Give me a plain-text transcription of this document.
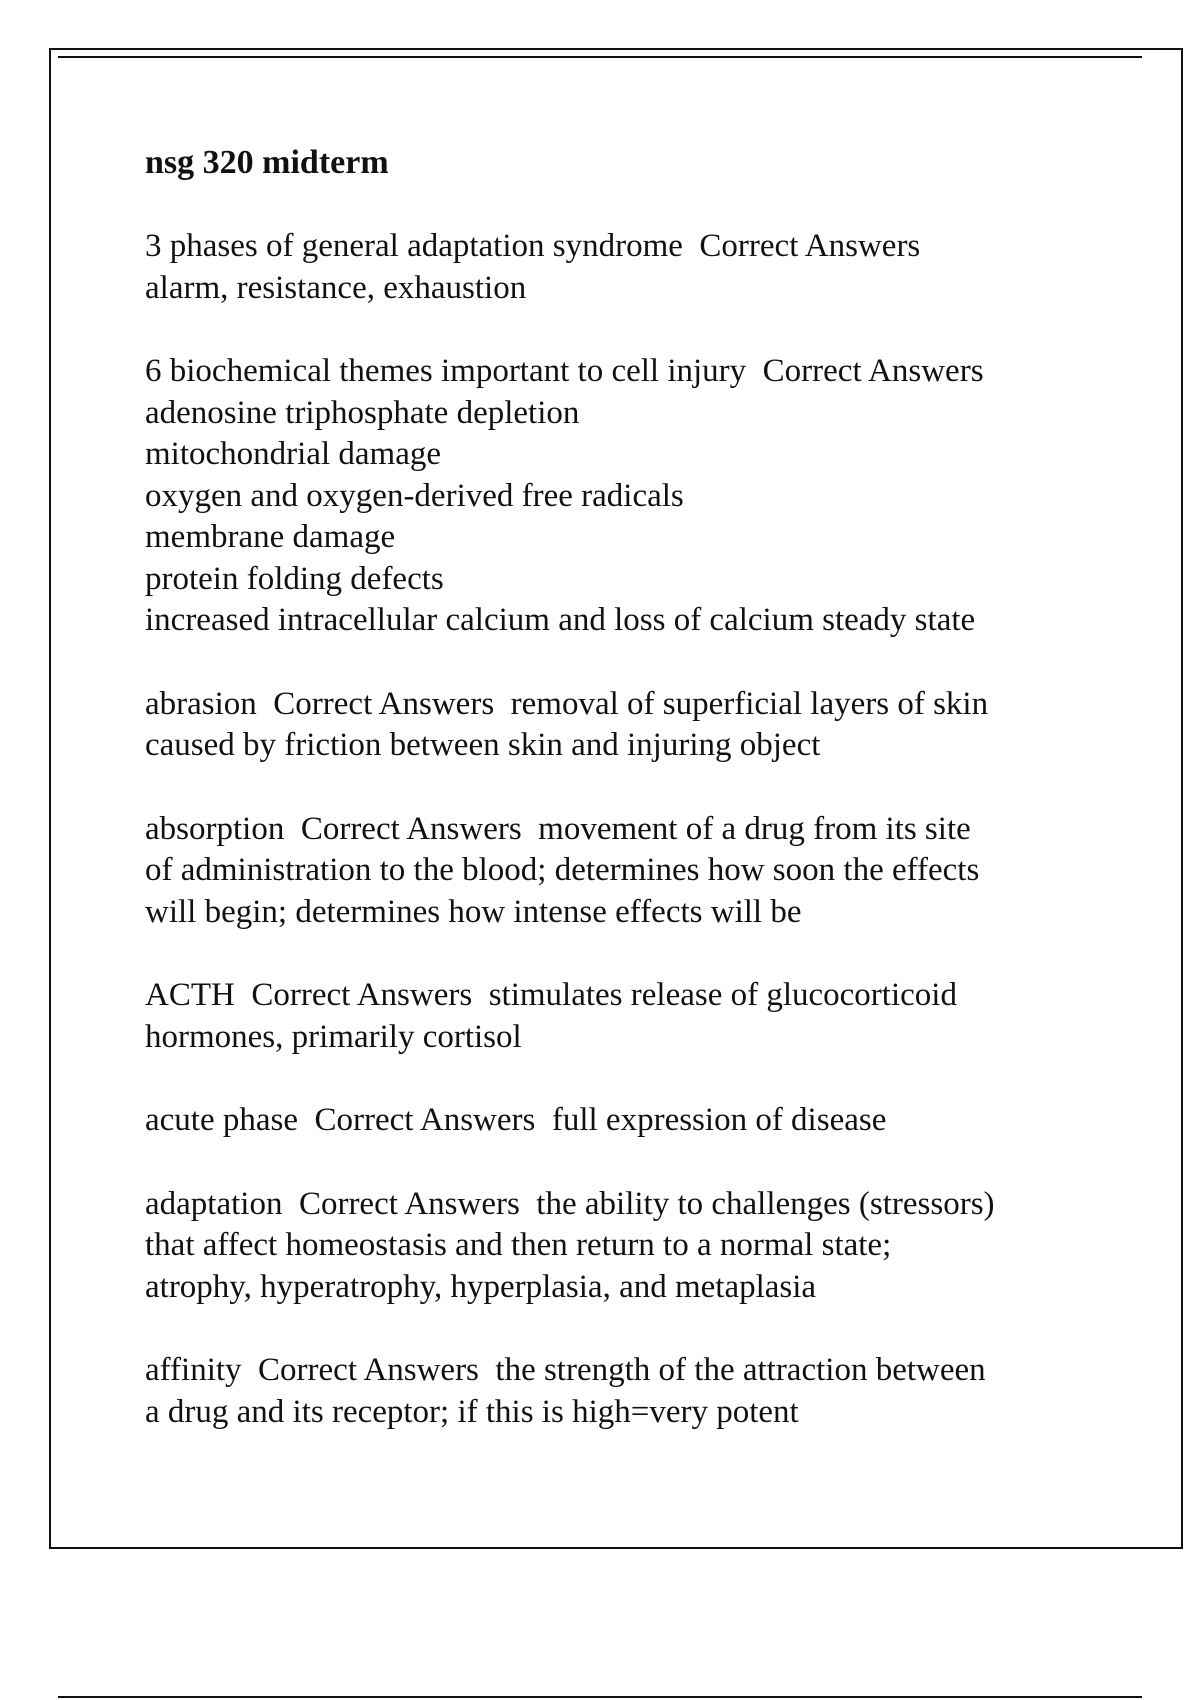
nsg 320 midterm
3 phases of general adaptation syndrome  Correct Answers
alarm, resistance, exhaustion
6 biochemical themes important to cell injury  Correct Answers
adenosine triphosphate depletion
mitochondrial damage
oxygen and oxygen-derived free radicals
membrane damage
protein folding defects
increased intracellular calcium and loss of calcium steady state
abrasion  Correct Answers  removal of superficial layers of skin
caused by friction between skin and injuring object
absorption  Correct Answers  movement of a drug from its site
of administration to the blood; determines how soon the effects
will begin; determines how intense effects will be
ACTH  Correct Answers  stimulates release of glucocorticoid
hormones, primarily cortisol
acute phase  Correct Answers  full expression of disease
adaptation  Correct Answers  the ability to challenges (stressors)
that affect homeostasis and then return to a normal state;
atrophy, hyperatrophy, hyperplasia, and metaplasia
affinity  Correct Answers  the strength of the attraction between
a drug and its receptor; if this is high=very potent
